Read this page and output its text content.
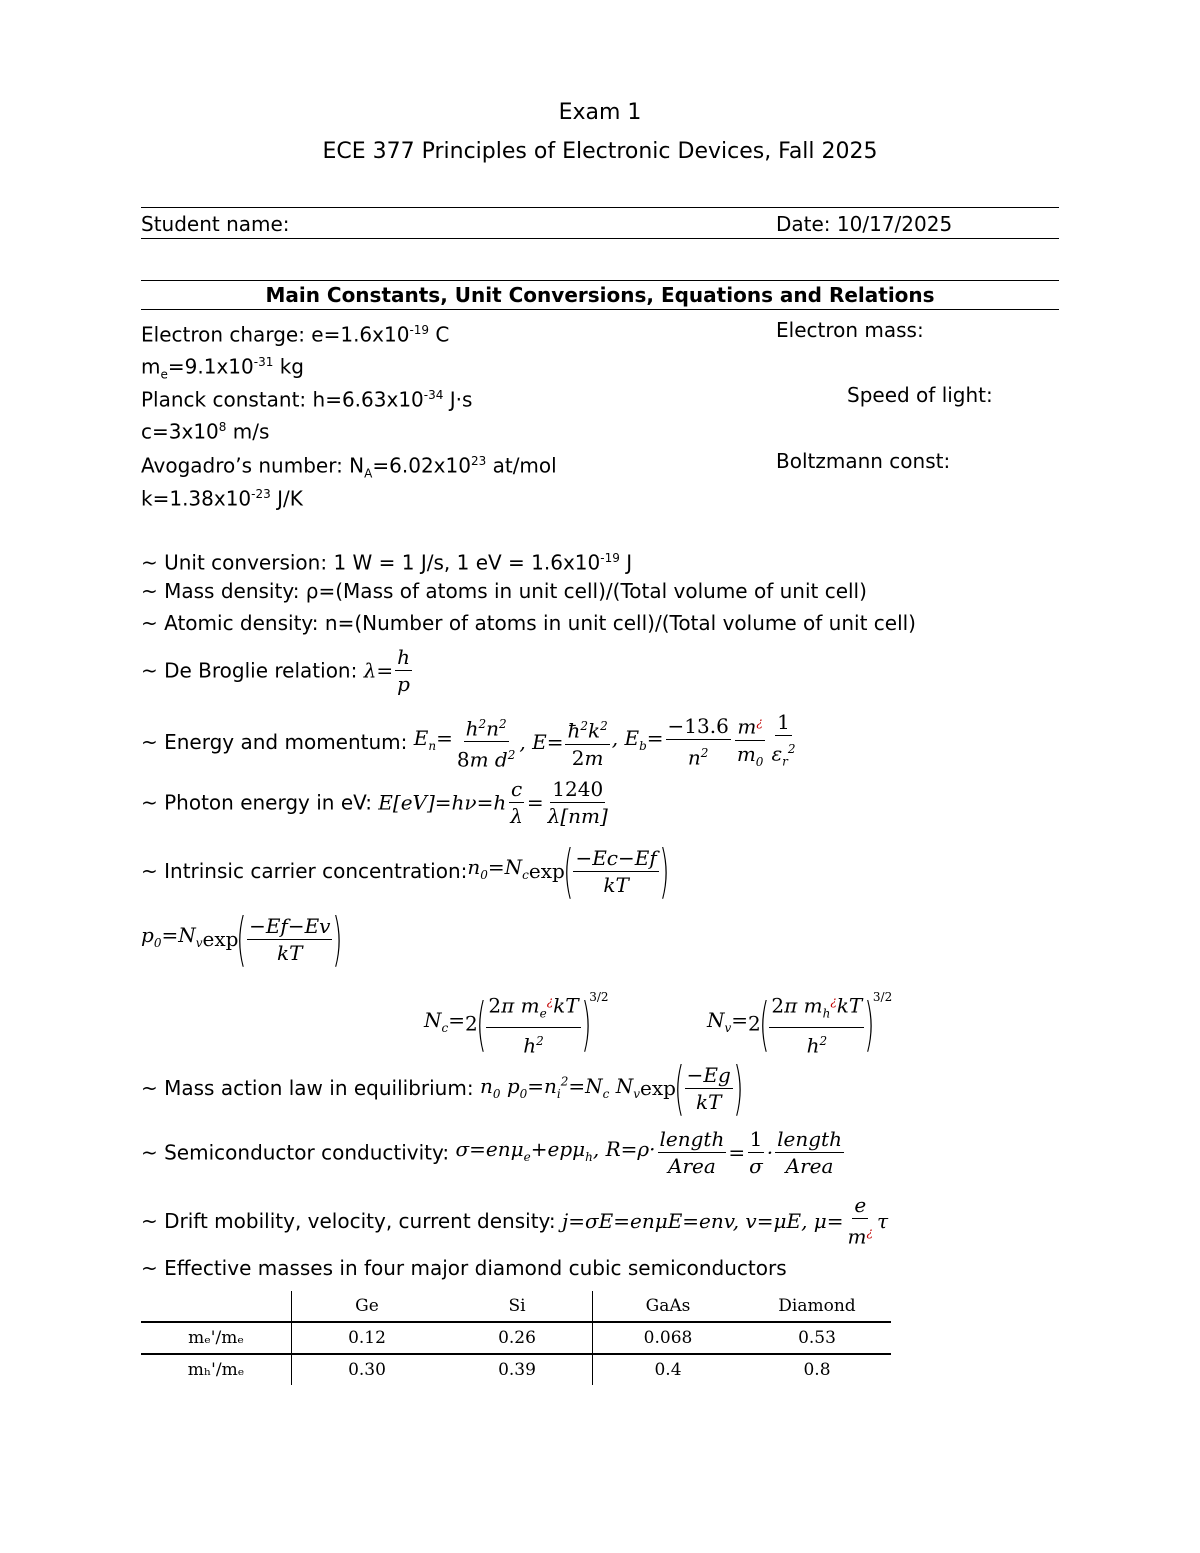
Exam 1
ECE 377 Principles of Electronic Devices, Fall 2025
Student name:	Date: 10/17/2025
Main Constants, Unit Conversions, Equations and Relations
Electron charge: $e=1.6x10^{-19}$ C	Electron mass:
$m_e=9.1x10^{-31}$ kg
Planck constant: $h=6.63x10^{-34}$ J·s	Speed of light:
$c=3x10^8$ m/s
Avogadro’s number: $N_A=6.02x10^{23}$ at/mol	Boltzmann const:
$k=1.38x10^{-23}$ J/K
~ Unit conversion: 1 W = 1 J/s, 1 eV = $1.6x10^{-19}$ J
~ Mass density: ρ=(Mass of atoms in unit cell)/(Total volume of unit cell)
~ Atomic density: n=(Number of atoms in unit cell)/(Total volume of unit cell)
~ De Broglie relation: $\lambda= \frac{h}{p}$
~ Energy and momentum: $E_n= \frac{h^2n^2}{8m d^2}$ , $E= \frac{ħ^2k^2}{2m}$ , $E_b= \frac{-13.6}{n^2} \frac{m^¿}{m_0} \frac{1}{\varepsilon_r^2}$
~ Photon energy in eV: $E[eV]=h\nu=h \frac{c}{\lambda} = \frac{1240}{\lambda[nm]}$
~ Intrinsic carrier $concentration:n_0=N_c\exp( \frac{-Ec-Ef}{kT}$ )
$p_0=N_v\exp( \frac{-Ef-Ev}{kT}$ )
$N_c=2( \frac{2\pi m_e^¿kT}{h^2} )^{3/2}$
$N_v=2( \frac{2\pi m_h^¿kT}{h^2} )^{3/2}$
~ Mass action law in equilibrium: $n_0$ $p_0=n_i^2=N_c$ $N_v\exp( \frac{-Eg}{kT}$ )
~ Semiconductor conductivity: σ=enμ$_e$+epμ$_h$, $R=\rho\cdot \frac{\text{length}}{\text{Area}} = \frac{1}{\sigma} \cdot \frac{\text{length}}{\text{Area}}$
~ Drift mobility, velocity, current density: j=σE=enμE=env, v=μE, $\mu= \frac{e}{m^¿}$ τ
~ Effective masses in four major diamond cubic semiconductors
	Ge	Si	GaAs	Diamond
mₑ'/mₑ	0.12	0.26	0.068	0.53
mₕ'/mₑ	0.30	0.39	0.4	0.8
